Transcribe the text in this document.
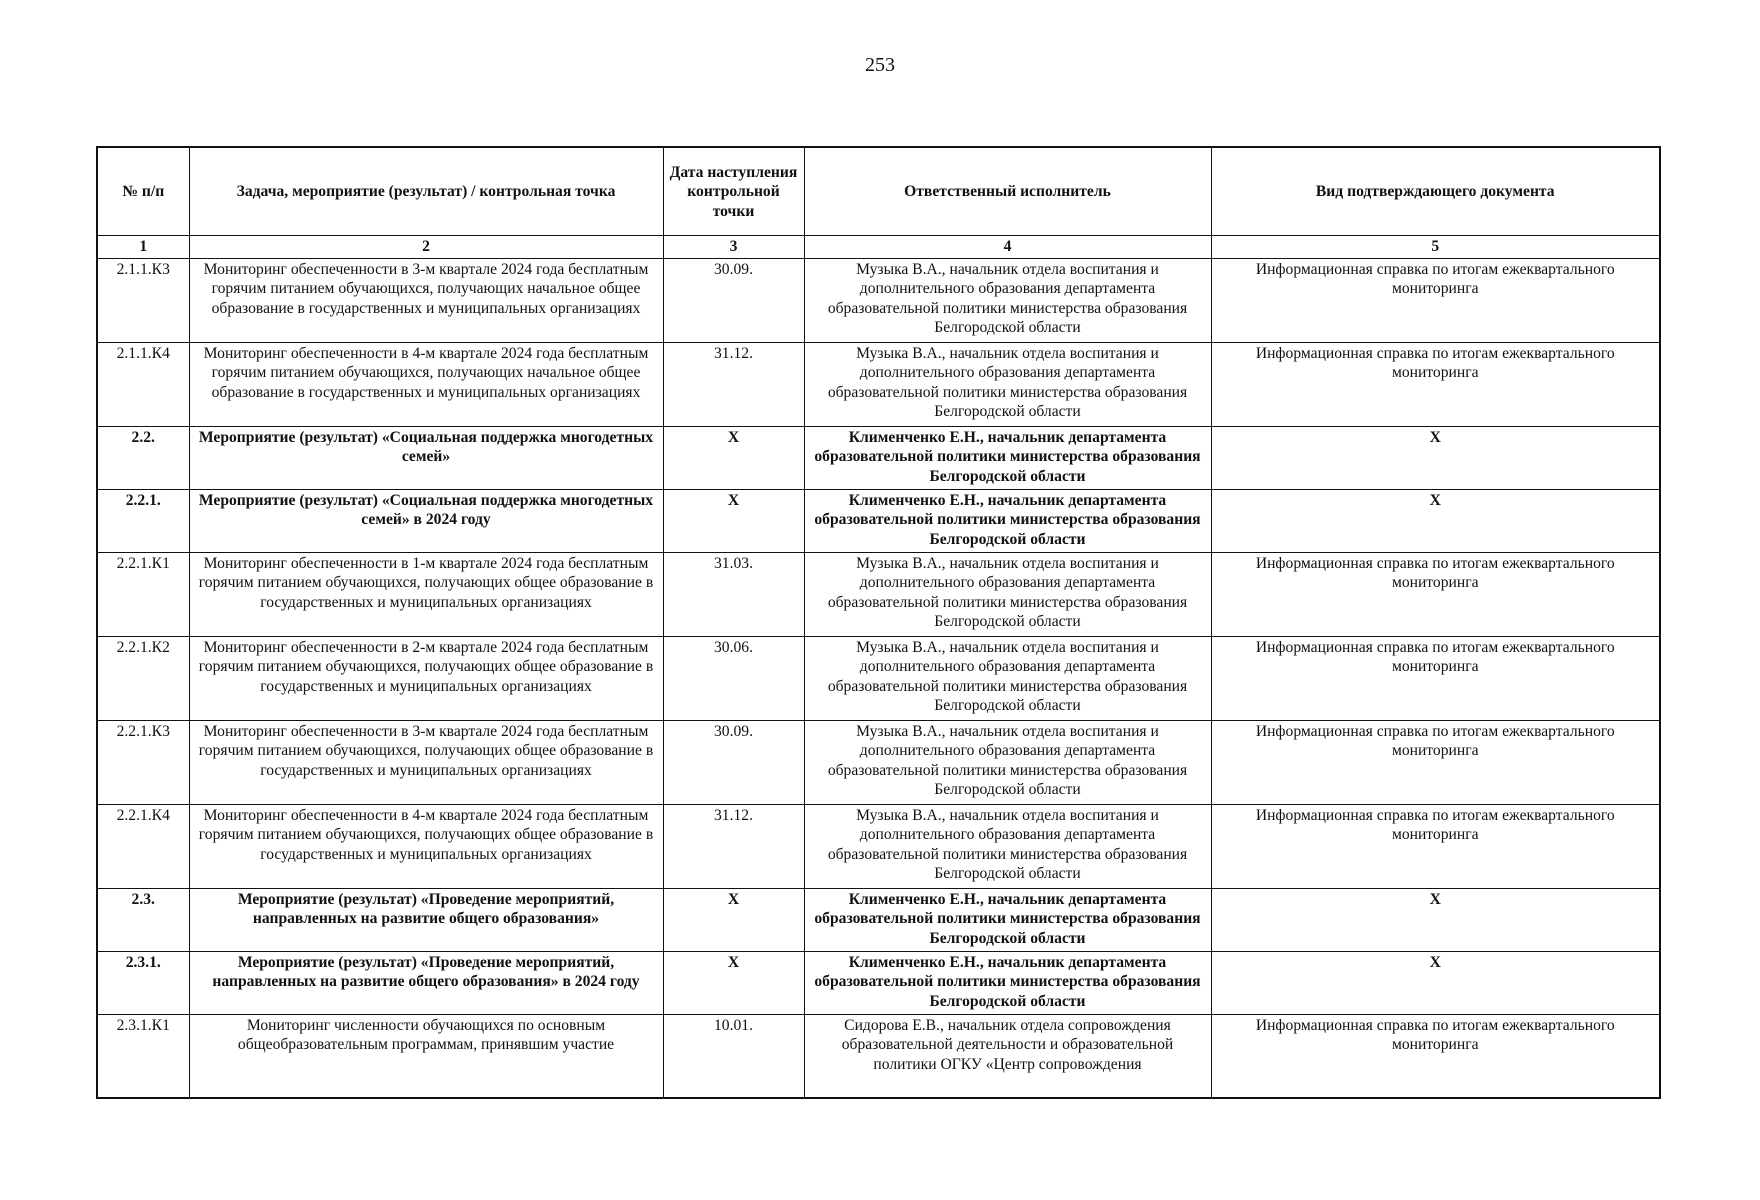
253
№ п/п	Задача, мероприятие (результат) / контрольная точка	Дата наступления контрольной точки	Ответственный исполнитель	Вид подтверждающего документа
1	2	3	4	5
2.1.1.К3	Мониторинг обеспеченности в 3-м квартале 2024 года бесплатным горячим питанием обучающихся, получающих начальное общее образование в государственных и муниципальных организациях	30.09.	Музыка В.А., начальник отдела воспитания и дополнительного образования департамента образовательной политики министерства образования Белгородской области	Информационная справка по итогам ежеквартального мониторинга
2.1.1.К4	Мониторинг обеспеченности в 4-м квартале 2024 года бесплатным горячим питанием обучающихся, получающих начальное общее образование в государственных и муниципальных организациях	31.12.	Музыка В.А., начальник отдела воспитания и дополнительного образования департамента образовательной политики министерства образования Белгородской области	Информационная справка по итогам ежеквартального мониторинга
2.2.	Мероприятие (результат) «Социальная поддержка многодетных семей»	Х	Клименченко Е.Н., начальник департамента образовательной политики министерства образования Белгородской области	Х
2.2.1.	Мероприятие (результат) «Социальная поддержка многодетных семей» в 2024 году	Х	Клименченко Е.Н., начальник департамента образовательной политики министерства образования Белгородской области	Х
2.2.1.К1	Мониторинг обеспеченности в 1-м квартале 2024 года бесплатным горячим питанием обучающихся, получающих общее образование в государственных и муниципальных организациях	31.03.	Музыка В.А., начальник отдела воспитания и дополнительного образования департамента образовательной политики министерства образования Белгородской области	Информационная справка по итогам ежеквартального мониторинга
2.2.1.К2	Мониторинг обеспеченности в 2-м квартале 2024 года бесплатным горячим питанием обучающихся, получающих общее образование в государственных и муниципальных организациях	30.06.	Музыка В.А., начальник отдела воспитания и дополнительного образования департамента образовательной политики министерства образования Белгородской области	Информационная справка по итогам ежеквартального мониторинга
2.2.1.К3	Мониторинг обеспеченности в 3-м квартале 2024 года бесплатным горячим питанием обучающихся, получающих общее образование в государственных и муниципальных организациях	30.09.	Музыка В.А., начальник отдела воспитания и дополнительного образования департамента образовательной политики министерства образования Белгородской области	Информационная справка по итогам ежеквартального мониторинга
2.2.1.К4	Мониторинг обеспеченности в 4-м квартале 2024 года бесплатным горячим питанием обучающихся, получающих общее образование в государственных и муниципальных организациях	31.12.	Музыка В.А., начальник отдела воспитания и дополнительного образования департамента образовательной политики министерства образования Белгородской области	Информационная справка по итогам ежеквартального мониторинга
2.3.	Мероприятие (результат) «Проведение мероприятий, направленных на развитие общего образования»	Х	Клименченко Е.Н., начальник департамента образовательной политики министерства образования Белгородской области	Х
2.3.1.	Мероприятие (результат) «Проведение мероприятий, направленных на развитие общего образования» в 2024 году	Х	Клименченко Е.Н., начальник департамента образовательной политики министерства образования Белгородской области	Х
2.3.1.К1	Мониторинг численности обучающихся по основным общеобразовательным программам, принявшим участие	10.01.	Сидорова Е.В., начальник отдела сопровождения образовательной деятельности и образовательной политики ОГКУ «Центр сопровождения	Информационная справка по итогам ежеквартального мониторинга
